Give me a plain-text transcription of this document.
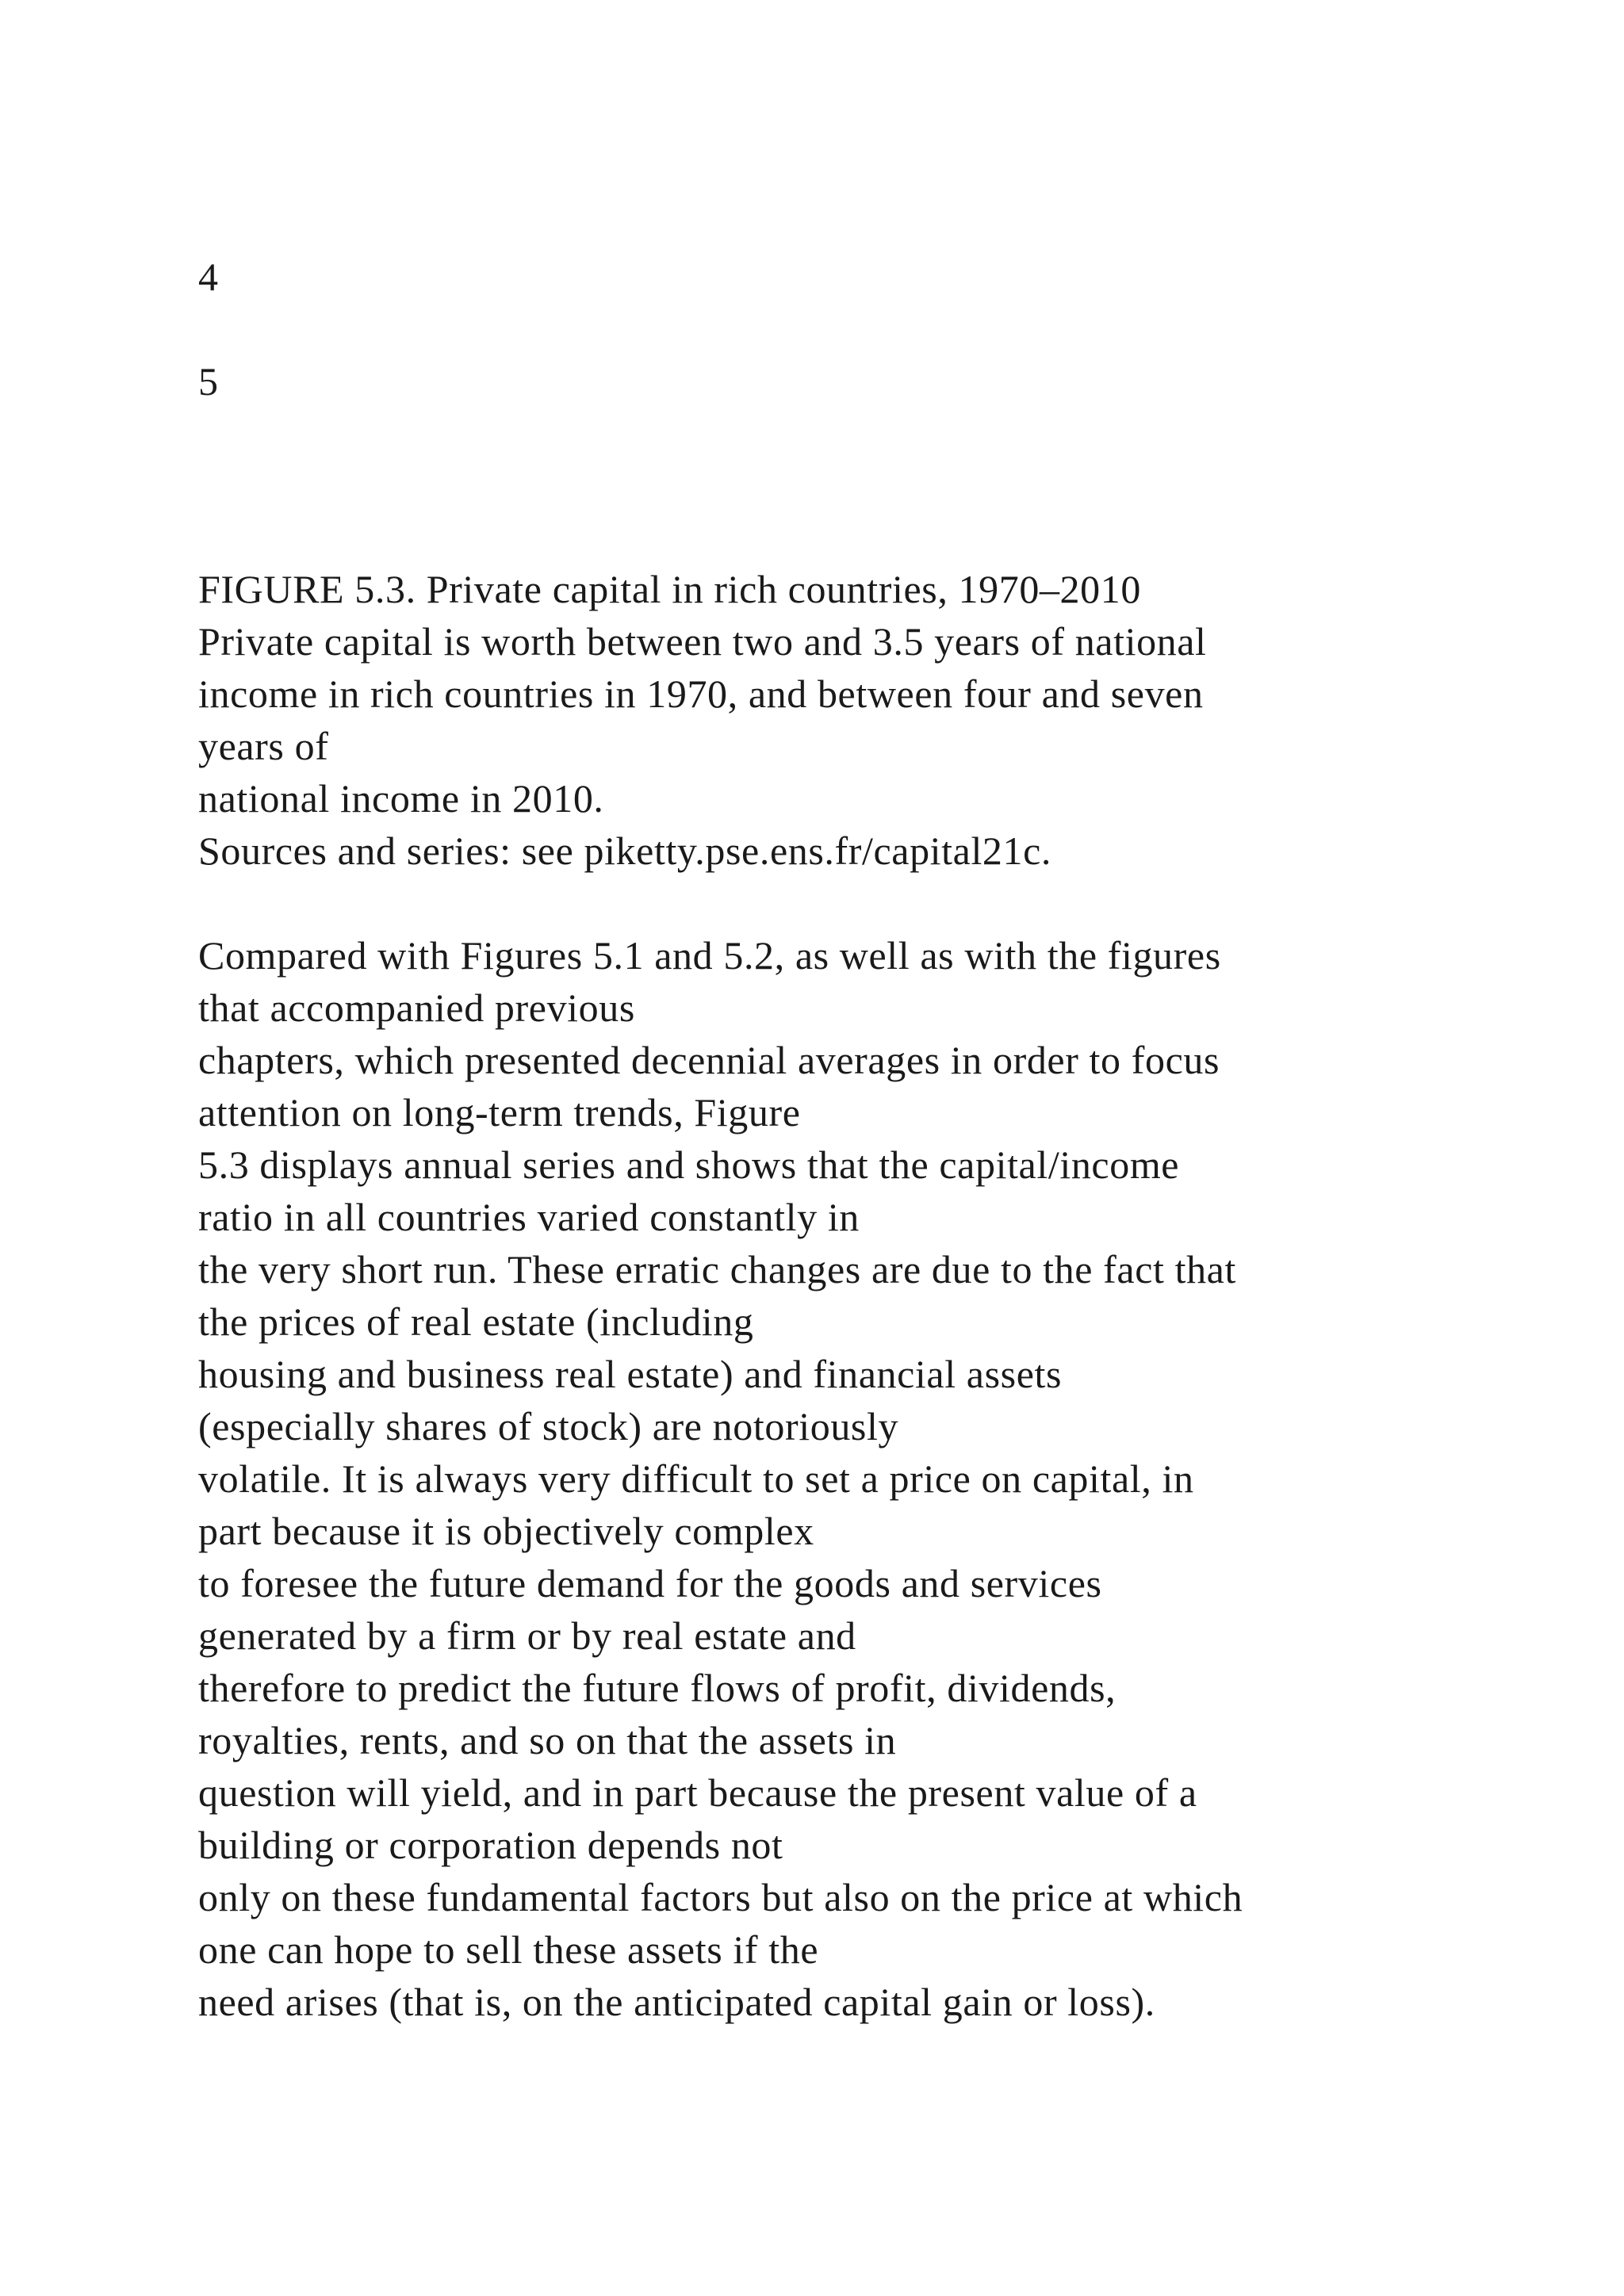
4
5
FIGURE 5.3. Private capital in rich countries, 1970–2010
Private capital is worth between two and 3.5 years of national
income in rich countries in 1970, and between four and seven
years of
national income in 2010.
Sources and series: see piketty.pse.ens.fr/capital21c.
Compared with Figures 5.1 and 5.2, as well as with the figures
that accompanied previous
chapters, which presented decennial averages in order to focus
attention on long-term trends, Figure
5.3 displays annual series and shows that the capital/income
ratio in all countries varied constantly in
the very short run. These erratic changes are due to the fact that
the prices of real estate (including
housing and business real estate) and financial assets
(especially shares of stock) are notoriously
volatile. It is always very difficult to set a price on capital, in
part because it is objectively complex
to foresee the future demand for the goods and services
generated by a firm or by real estate and
therefore to predict the future flows of profit, dividends,
royalties, rents, and so on that the assets in
question will yield, and in part because the present value of a
building or corporation depends not
only on these fundamental factors but also on the price at which
one can hope to sell these assets if the
need arises (that is, on the anticipated capital gain or loss).
